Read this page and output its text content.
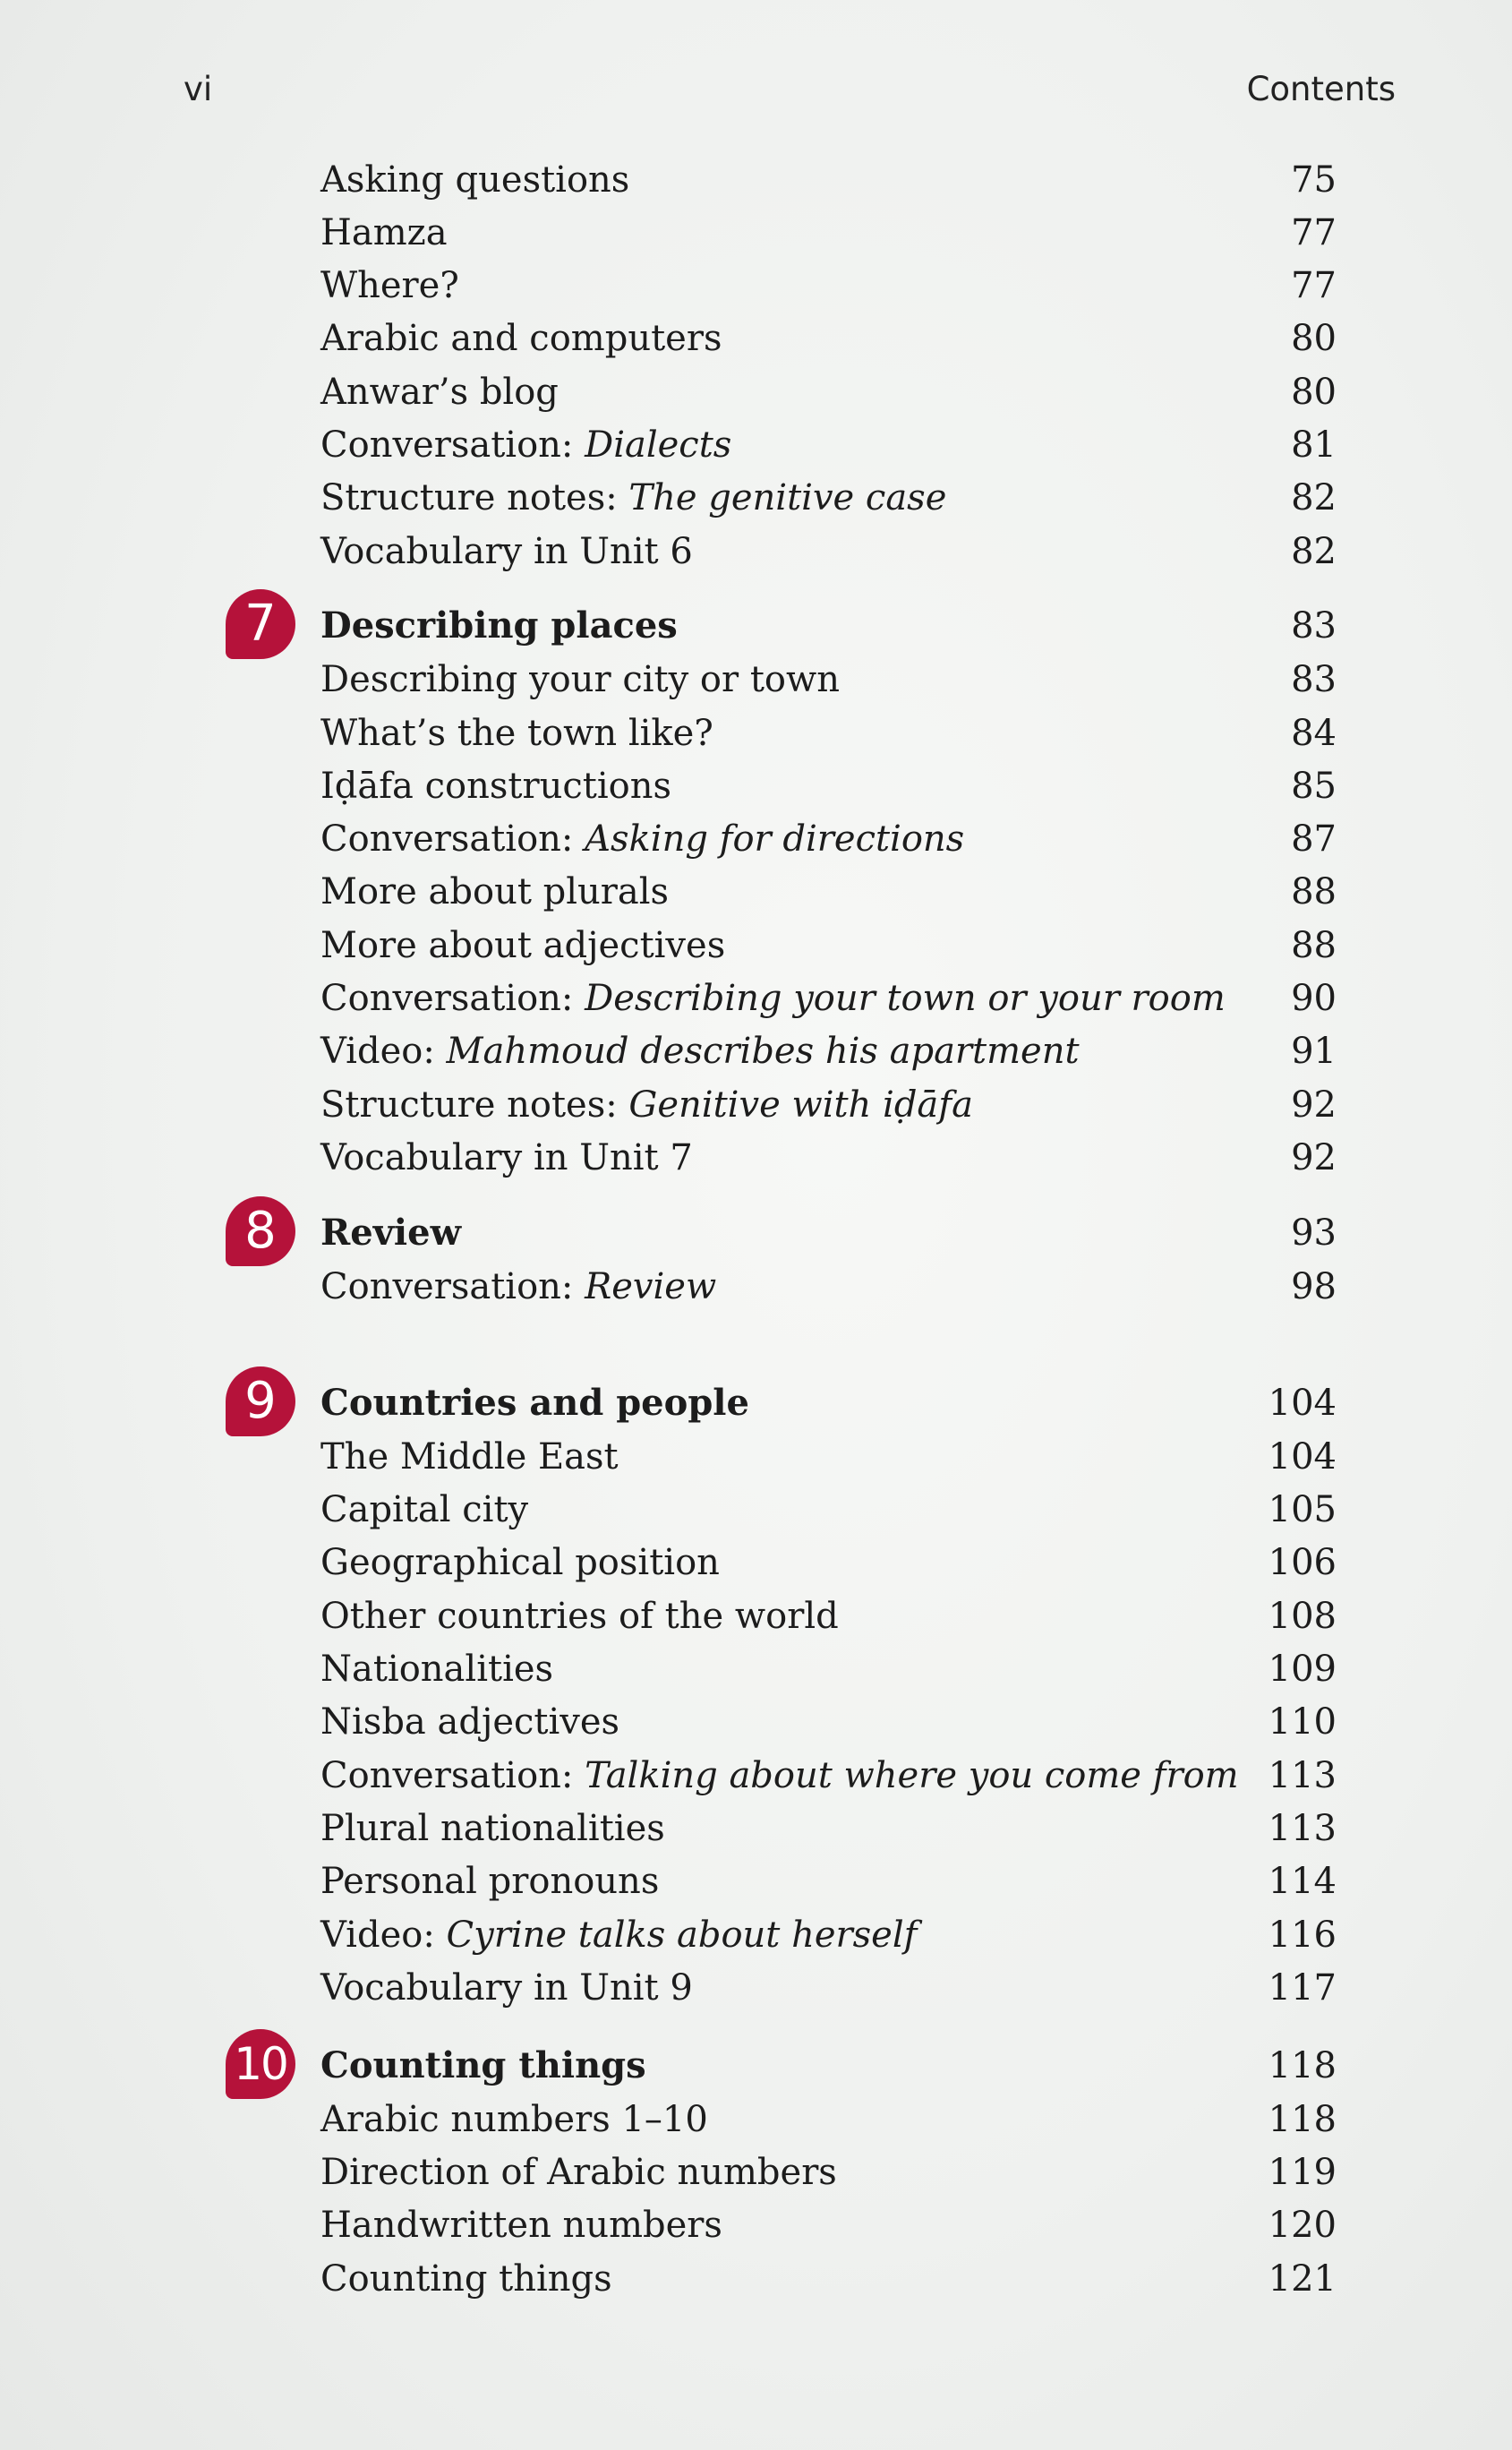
vi	Contents
Asking questions	75
Hamza	77
Where?	77
Arabic and computers	80
Anwar’s blog	80
Conversation: Dialects	81
Structure notes: The genitive case	82
Vocabulary in Unit 6	82
7	Describing places	83
Describing your city or town	83
What’s the town like?	84
Iḍāfa constructions	85
Conversation: Asking for directions	87
More about plurals	88
More about adjectives	88
Conversation: Describing your town or your room 90
Video: Mahmoud describes his apartment	91
Structure notes: Genitive with iḍāfa	92
Vocabulary in Unit 7	92
8	Review	93
Conversation: Review	98
9	Countries and people	104
The Middle East	104
Capital city	105
Geographical position	106
Other countries of the world	108
Nationalities	109
Nisba adjectives	110
Conversation: Talking about where you come from 113
Plural nationalities	113
Personal pronouns	114
Video: Cyrine talks about herself	116
Vocabulary in Unit 9	117
10 Counting things	118
Arabic numbers 1–10	118
Direction of Arabic numbers	119
Handwritten numbers	120
Counting things	121
